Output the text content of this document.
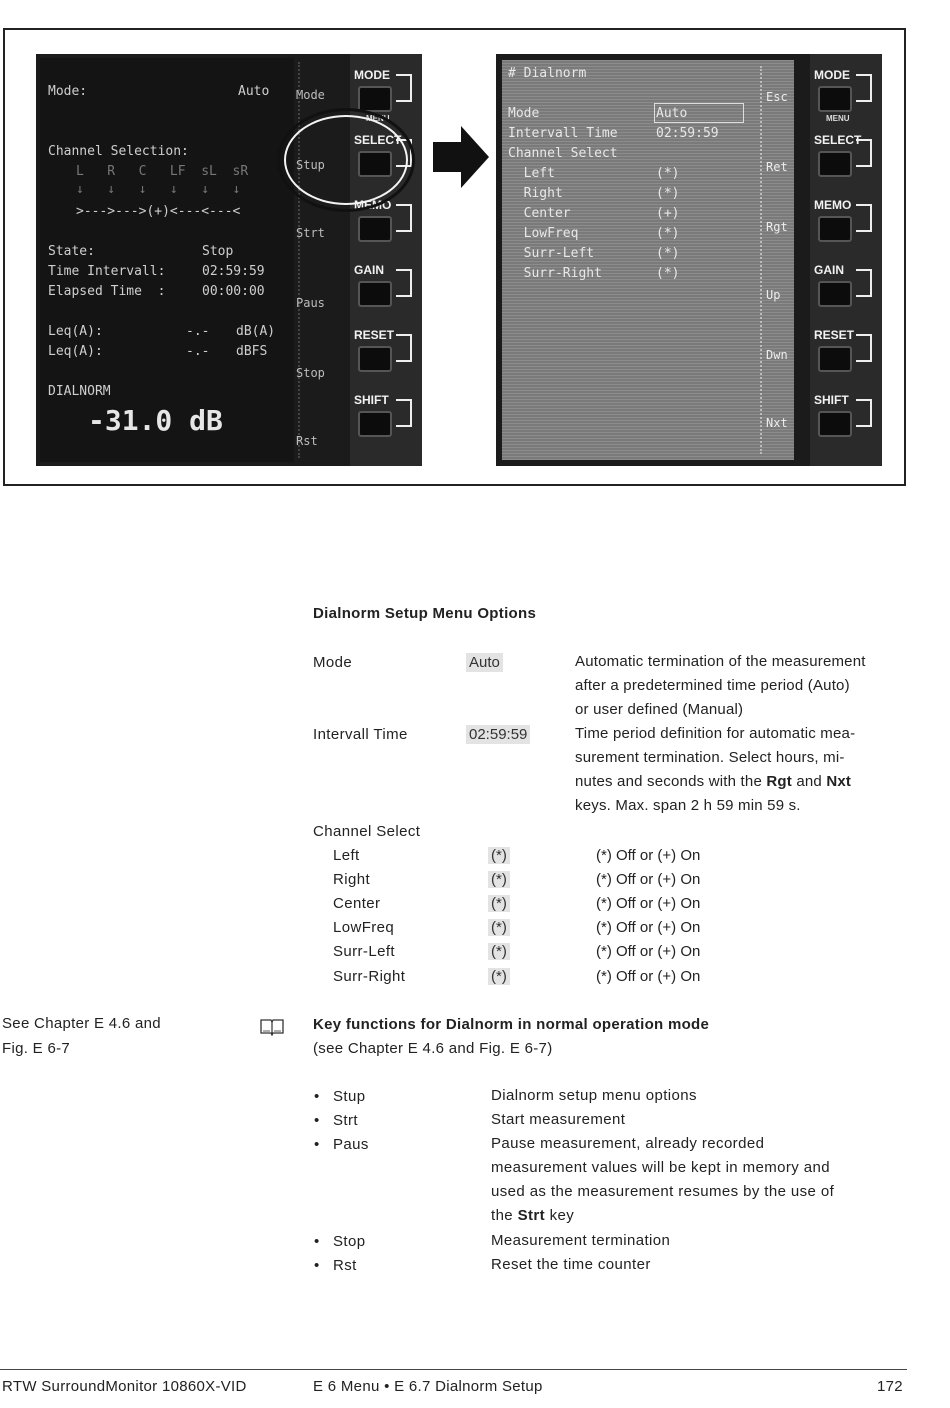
Mode:	Auto
Channel Selection:
L   R   C   LF  sL  sR
↓   ↓   ↓   ↓   ↓   ↓
>--->--->(+)<---<---<
State:	Stop
Time Intervall:	02:59:59
Elapsed Time  :	00:00:00
Leq(A):	-.- dB(A)
Leq(A):	-.- dBFS
DIALNORM
-31.0 dB
Mode
Stup
Strt
Paus
Stop
Rst
MODE
MENU
SELECT
MEMO
GAIN
RESET
SHIFT
# Dialnorm
Mode	Auto
Intervall Time	02:59:59
Channel Select
Left	(*)
Right	(*)
Center	(+)
LowFreq	(*)
Surr-Left	(*)
Surr-Right	(*)
Esc
Ret
Rgt
Up
Dwn
Nxt
MODE
MENU
SELECT
MEMO
GAIN
RESET
SHIFT
Dialnorm Setup Menu Options
Mode	Auto	Automatic termination of the measurement
after a predetermined time period (Auto)
or user defined (Manual)
Intervall Time	02:59:59	Time period definition for automatic mea-
surement termination. Select hours, mi-
nutes and seconds with the Rgt and Nxt
keys. Max. span 2 h 59 min 59 s.
Channel Select
Left	(*)	(*) Off or (+) On
Right	(*)	(*) Off or (+) On
Center	(*)	(*) Off or (+) On
LowFreq	(*)	(*) Off or (+) On
Surr-Left	(*)	(*) Off or (+) On
Surr-Right	(*)	(*) Off or (+) On
See Chapter E 4.6 and
Fig. E 6-7
Key functions for Dialnorm in normal operation mode
(see Chapter E 4.6 and Fig. E 6-7)
• Stup	Dialnorm setup menu options
• Strt	Start measurement
• Paus	Pause measurement, already recorded
measurement values will be kept in memory and
used as the measurement resumes by the use of
the Strt key
• Stop	Measurement termination
• Rst	Reset the time counter
RTW SurroundMonitor 10860X-VID	E 6 Menu • E 6.7 Dialnorm Setup	172
